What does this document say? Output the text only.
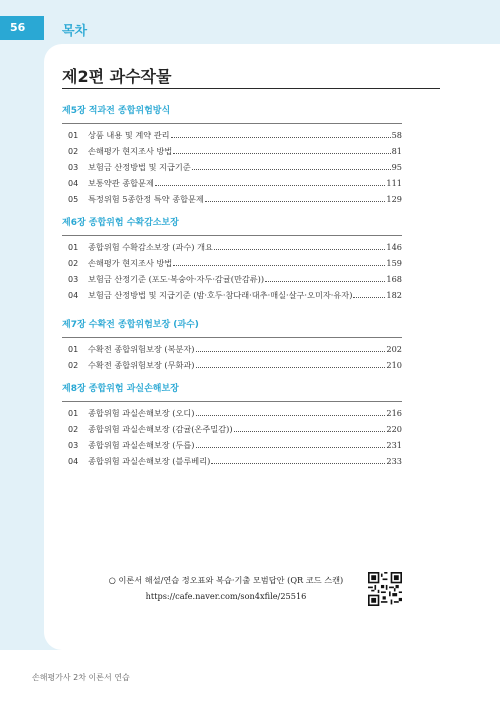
56	목차
제2편 과수작물
제5장 적과전 종합위험방식
01	상품 내용 및 계약 관리	58
02	손해평가 현지조사 방법	81
03	보험금 산정방법 및 지급기준	95
04	보통약관 종합문제	111
05	특정위험 5종한정 특약 종합문제	129
제6장 종합위험 수확감소보장
01	종합위험 수확감소보장 (과수) 개요	146
02	손해평가 현지조사 방법	159
03	보험금 산정기준 (포도·복숭아·자두·감귤(만감류))	168
04	보험금 산정방법 및 지급기준 (밤·호두·참다래·대추·매실·살구·오미자·유자)	182
제7장 수확전 종합위험보장 (과수)
01	수확전 종합위험보장 (복분자)	202
02	수확전 종합위험보장 (무화과)	210
제8장 종합위험 과실손해보장
01	종합위험 과실손해보장 (오디)	216
02	종합위험 과실손해보장 (감귤(온주밀감))	220
03	종합위험 과실손해보장 (두릅)	231
04	종합위험 과실손해보장 (블루베리)	233
○ 이론서 해설/연습 정오표와 복습·기출 모범답안 (QR 코드 스캔)
https://cafe.naver.com/son4xfile/25516
손해평가사 2차 이론서 연습
